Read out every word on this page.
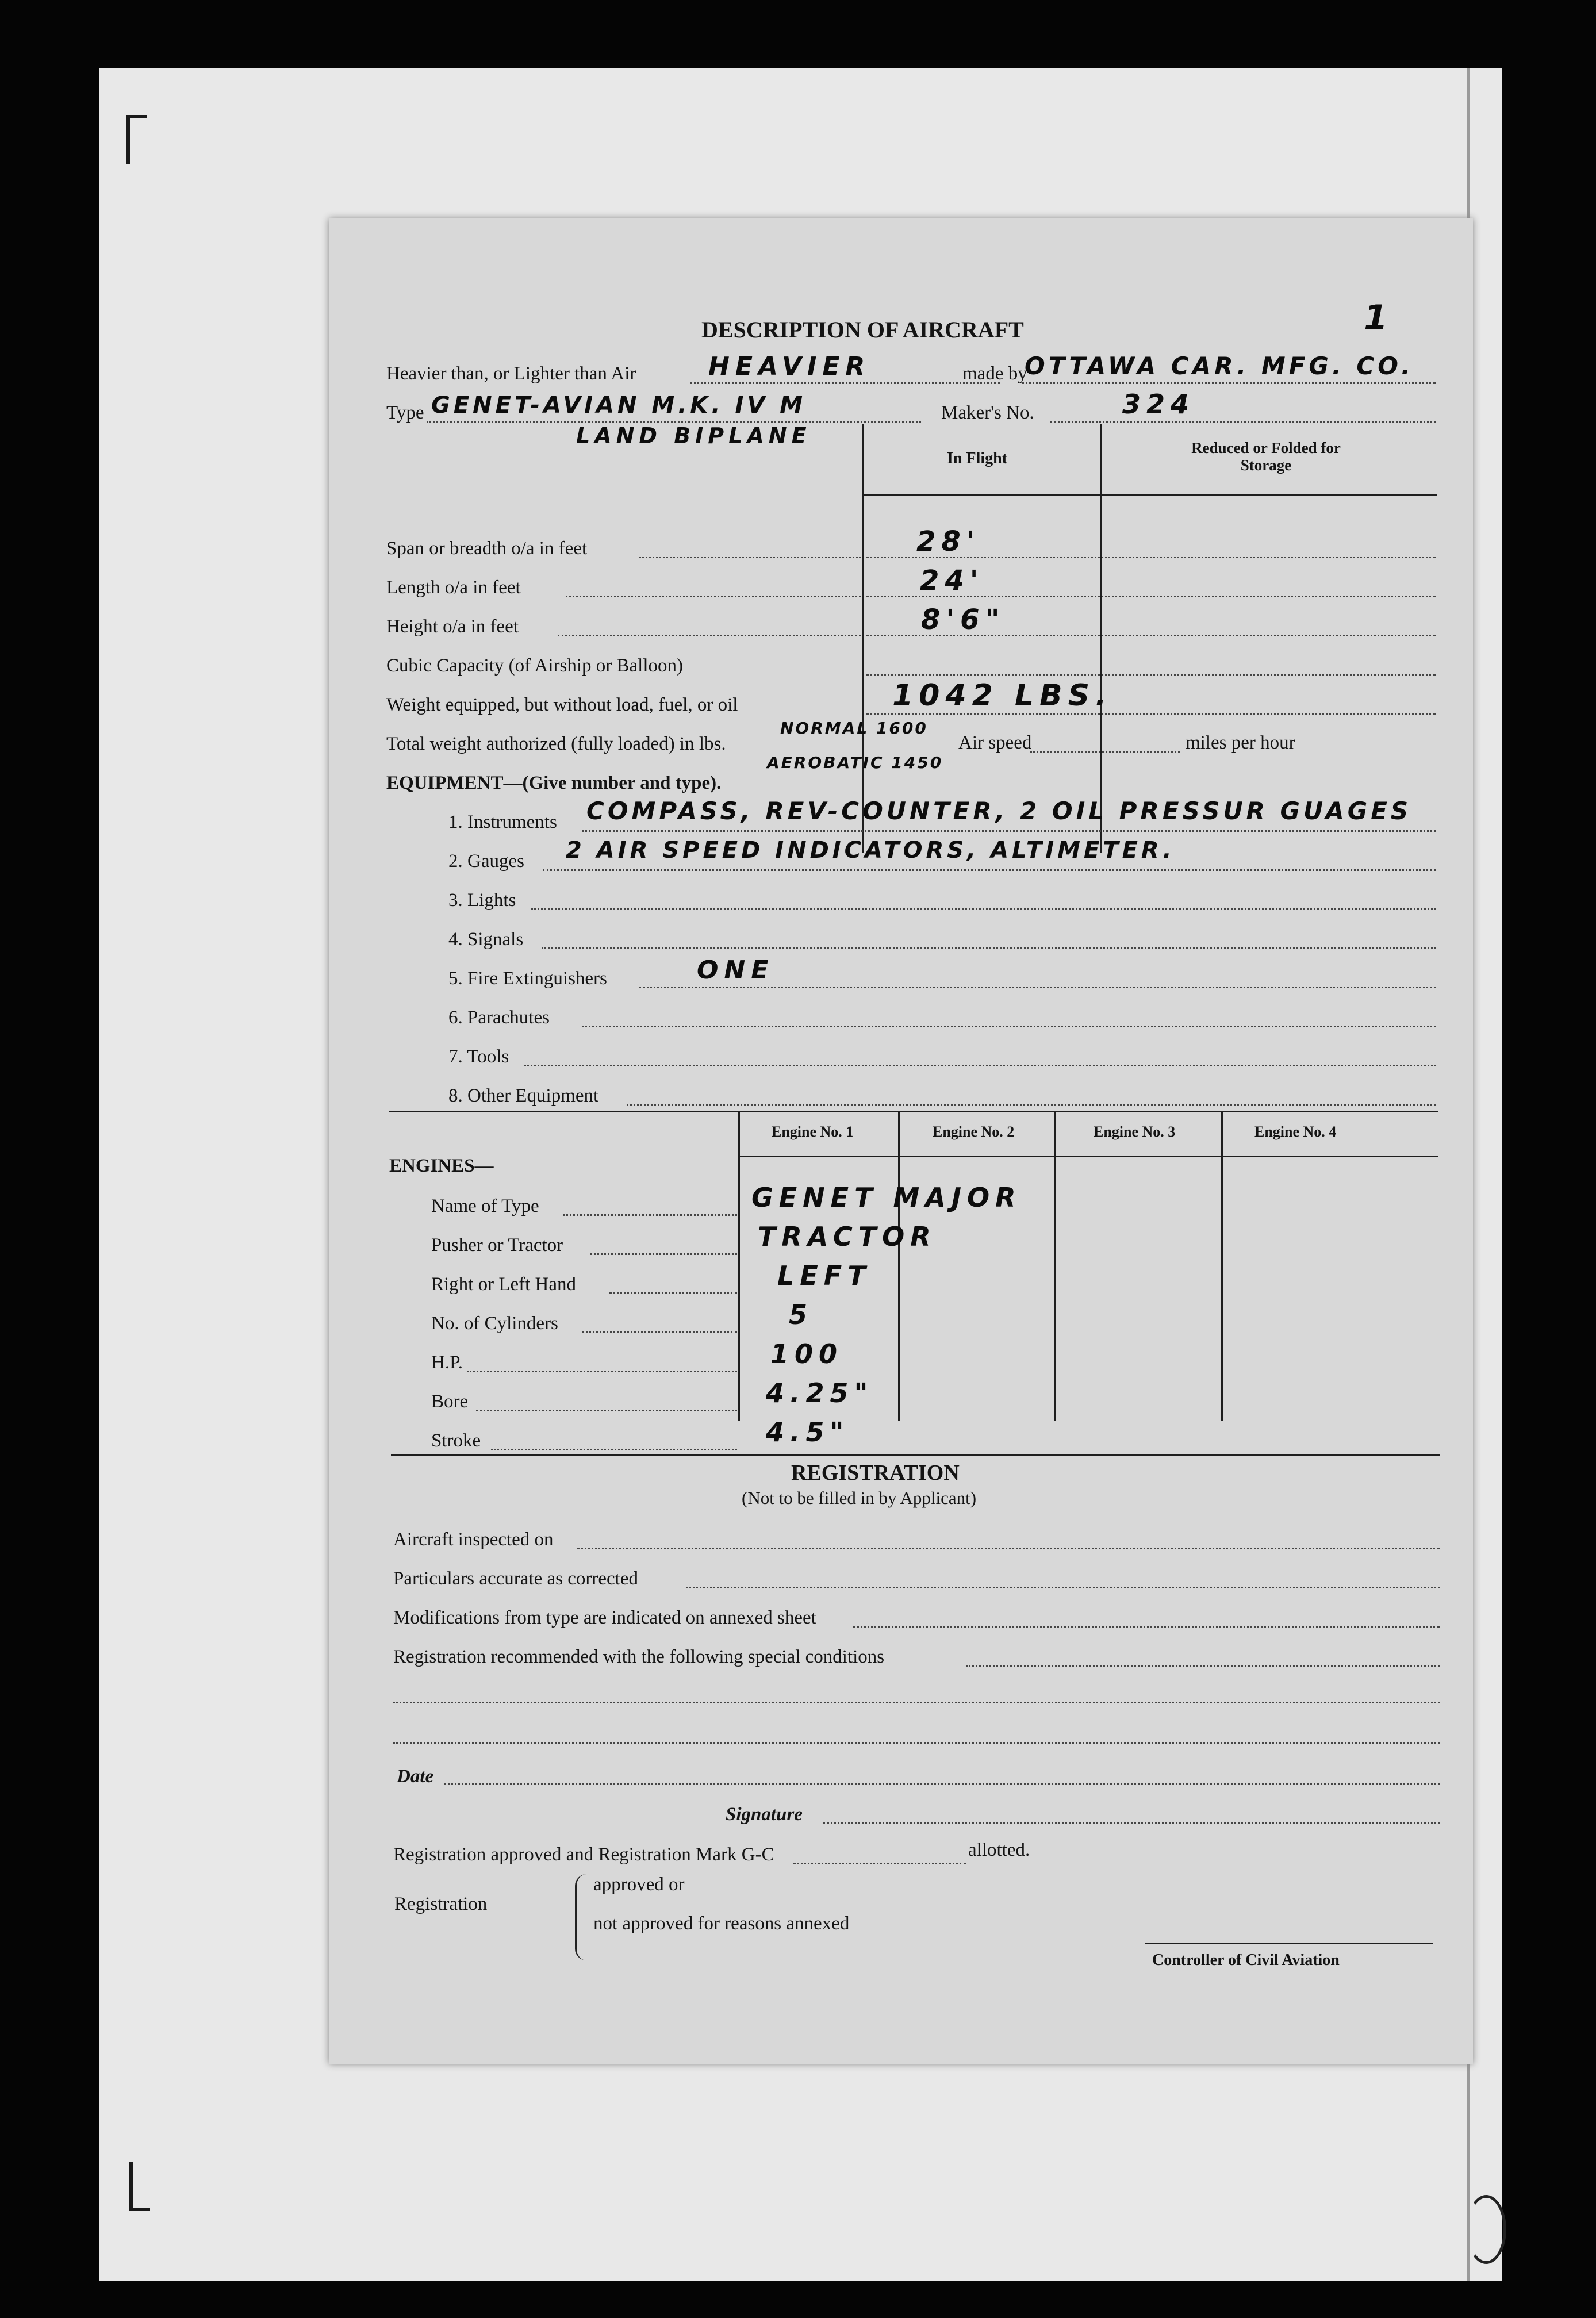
1
DESCRIPTION OF AIRCRAFT
Heavier than, or Lighter than Air	HEAVIER	made by
OTTAWA CAR. MFG. CO.
Type GENET-AVIAN M.K. IV M	Maker's No.	324
LAND BIPLANE
In Flight
Reduced or Folded for Storage
Span or breadth o/a in feet	28'
Length o/a in feet	24'
Height o/a in feet	8'6"
Cubic Capacity (of Airship or Balloon)
Weight equipped, but without load, fuel, or oil	1042 LBS.
Total weight authorized (fully loaded) in lbs.
NORMAL 1600
AEROBATIC 1450
Air speed	miles per hour
EQUIPMENT—(Give number and type).
1. Instruments COMPASS, REV-COUNTER, 2 OIL PRESSUR GUAGES
2. Gauges 2 AIR SPEED INDICATORS, ALTIMETER.
3. Lights
4. Signals
5. Fire Extinguishers	ONE
6. Parachutes
7. Tools
8. Other Equipment
Engine No. 1	Engine No. 2	Engine No. 3	Engine No. 4
ENGINES—
Name of Type	GENET MAJOR
Pusher or Tractor	TRACTOR
Right or Left Hand	LEFT
No. of Cylinders	5
H.P.	100
Bore	4.25"
Stroke	4.5"
REGISTRATION
(Not to be filled in by Applicant)
Aircraft inspected on
Particulars accurate as corrected
Modifications from type are indicated on annexed sheet
Registration recommended with the following special conditions
Date
Signature
Registration approved and Registration Mark G-C	allotted.
Registration
approved or
not approved for reasons annexed
Controller of Civil Aviation
